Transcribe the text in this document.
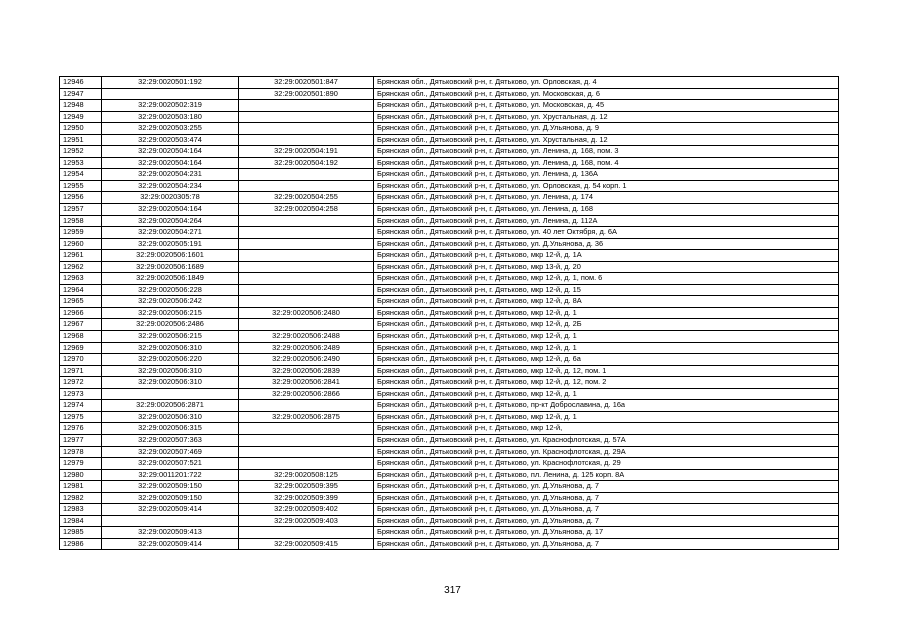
12946	32:29:0020501:192	32:29:0020501:847	Брянская обл., Дятьковский р-н, г. Дятьково, ул. Орловская, д. 4
12947		32:29:0020501:890	Брянская обл., Дятьковский р-н, г. Дятьково, ул. Московская, д. 6
12948	32:29:0020502:319		Брянская обл., Дятьковский р-н, г. Дятьково, ул. Московская, д. 45
12949	32:29:0020503:180		Брянская обл., Дятьковский р-н, г. Дятьково, ул. Хрустальная, д. 12
12950	32:29:0020503:255		Брянская обл., Дятьковский р-н, г. Дятьково, ул. Д.Ульянова, д. 9
12951	32:29:0020503:474		Брянская обл., Дятьковский р-н, г. Дятьково, ул. Хрустальная, д. 12
12952	32:29:0020504:164	32:29:0020504:191	Брянская обл., Дятьковский р-н, г. Дятьково, ул. Ленина, д. 168, пом. 3
12953	32:29:0020504:164	32:29:0020504:192	Брянская обл., Дятьковский р-н, г. Дятьково, ул. Ленина, д. 168, пом. 4
12954	32:29:0020504:231		Брянская обл., Дятьковский р-н, г. Дятьково, ул. Ленина, д. 136А
12955	32:29:0020504:234		Брянская обл., Дятьковский р-н, г. Дятьково, ул. Орловская, д. 54 корп. 1
12956	32:29:0020305:78	32:29:0020504:255	Брянская обл., Дятьковский р-н, г. Дятьково, ул. Ленина, д. 174
12957	32:29:0020504:164	32:29:0020504:258	Брянская обл., Дятьковский р-н, г. Дятьково, ул. Ленина, д. 168
12958	32:29:0020504:264		Брянская обл., Дятьковский р-н, г. Дятьково, ул. Ленина, д. 112А
12959	32:29:0020504:271		Брянская обл., Дятьковский р-н, г. Дятьково, ул. 40 лет Октября, д. 6А
12960	32:29:0020505:191		Брянская обл., Дятьковский р-н, г. Дятьково, ул. Д.Ульянова, д. 36
12961	32:29:0020506:1601		Брянская обл., Дятьковский р-н, г. Дятьково, мкр 12-й, д. 1А
12962	32:29:0020506:1689		Брянская обл., Дятьковский р-н, г. Дятьково, мкр 13-й, д. 20
12963	32:29:0020506:1849		Брянская обл., Дятьковский р-н, г. Дятьково, мкр 12-й, д. 1, пом. 6
12964	32:29:0020506:228		Брянская обл., Дятьковский р-н, г. Дятьково, мкр 12-й, д. 15
12965	32:29:0020506:242		Брянская обл., Дятьковский р-н, г. Дятьково, мкр 12-й, д. 8А
12966	32:29:0020506:215	32:29:0020506:2480	Брянская обл., Дятьковский р-н, г. Дятьково, мкр 12-й, д. 1
12967	32:29:0020506:2486		Брянская обл., Дятьковский р-н, г. Дятьково, мкр 12-й, д. 2Б
12968	32:29:0020506:215	32:29:0020506:2488	Брянская обл., Дятьковский р-н, г. Дятьково, мкр 12-й, д. 1
12969	32:29:0020506:310	32:29:0020506:2489	Брянская обл., Дятьковский р-н, г. Дятьково, мкр 12-й, д. 1
12970	32:29:0020506:220	32:29:0020506:2490	Брянская обл., Дятьковский р-н, г. Дятьково, мкр 12-й, д. 6а
12971	32:29:0020506:310	32:29:0020506:2839	Брянская обл., Дятьковский р-н, г. Дятьково, мкр 12-й, д. 12, пом. 1
12972	32:29:0020506:310	32:29:0020506:2841	Брянская обл., Дятьковский р-н, г. Дятьково, мкр 12-й, д. 12, пом. 2
12973		32:29:0020506:2866	Брянская обл., Дятьковский р-н, г. Дятьково, мкр 12-й, д. 1
12974	32:29:0020506:2871		Брянская обл., Дятьковский р-н, г. Дятьково, пр-кт Доброславина, д. 16а
12975	32:29:0020506:310	32:29:0020506:2875	Брянская обл., Дятьковский р-н, г. Дятьково, мкр 12-й, д. 1
12976	32:29:0020506:315		Брянская обл., Дятьковский р-н, г. Дятьково, мкр 12-й,
12977	32:29:0020507:363		Брянская обл., Дятьковский р-н, г. Дятьково, ул. Краснофлотская, д. 57А
12978	32:29:0020507:469		Брянская обл., Дятьковский р-н, г. Дятьково, ул. Краснофлотская, д. 29А
12979	32:29:0020507:521		Брянская обл., Дятьковский р-н, г. Дятьково, ул. Краснофлотская, д. 29
12980	32:29:0011201:722	32:29:0020508:125	Брянская обл., Дятьковский р-н, г. Дятьково, пл. Ленина, д. 125 корп. 8А
12981	32:29:0020509:150	32:29:0020509:395	Брянская обл., Дятьковский р-н, г. Дятьково, ул. Д.Ульянова, д. 7
12982	32:29:0020509:150	32:29:0020509:399	Брянская обл., Дятьковский р-н, г. Дятьково, ул. Д.Ульянова, д. 7
12983	32:29:0020509:414	32:29:0020509:402	Брянская обл., Дятьковский р-н, г. Дятьково, ул. Д.Ульянова, д. 7
12984		32:29:0020509:403	Брянская обл., Дятьковский р-н, г. Дятьково, ул. Д.Ульянова, д. 7
12985	32:29:0020509:413		Брянская обл., Дятьковский р-н, г. Дятьково, ул. Д.Ульянова, д. 17
12986	32:29:0020509:414	32:29:0020509:415	Брянская обл., Дятьковский р-н, г. Дятьково, ул. Д.Ульянова, д. 7
317
